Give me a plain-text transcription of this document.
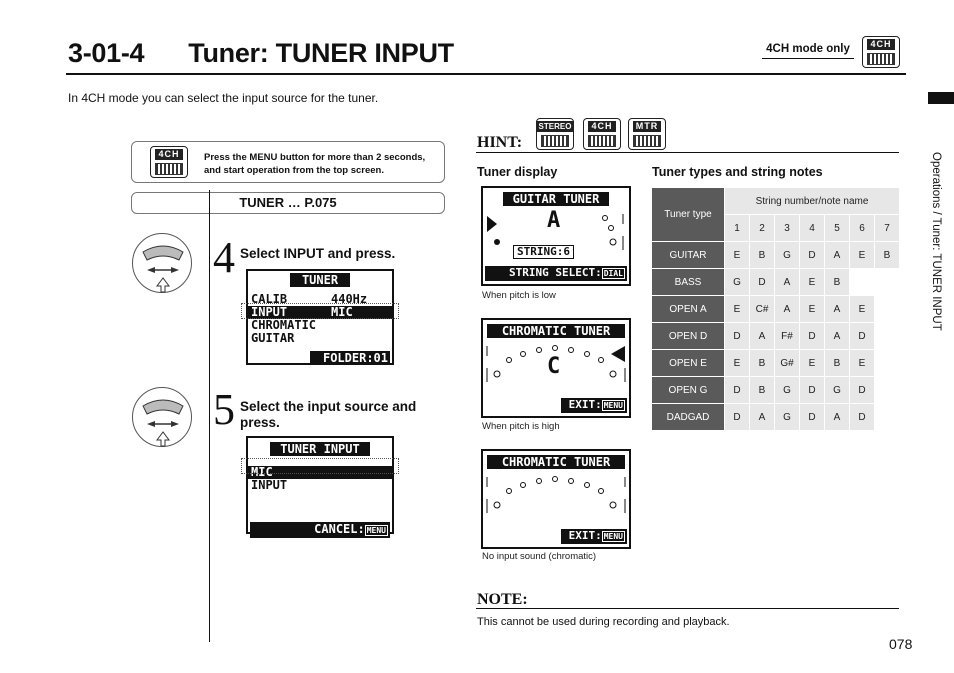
3-01-4 Tuner: TUNER INPUT	4CH mode only	4CH
In 4CH mode you can select the input source for the tuner.
Operations / Tuner: TUNER INPUT
4CH	Press the MENU button for more than 2 seconds, and start operation from the top screen.
TUNER … P.075
4 Select INPUT and press.
TUNER
CALIB	440Hz
INPUT	MIC
CHROMATIC
GUITAR
FOLDER:01
5 Select the input source and press.
TUNER INPUT
MIC
INPUT
CANCEL: MENU
HINT:
STEREO	4CH	MTR
Tuner display
GUITAR TUNER
A
STRING:6
STRING SELECT: DIAL
When pitch is low
CHROMATIC TUNER
C
EXIT: MENU
When pitch is high
CHROMATIC TUNER
EXIT: MENU
No input sound (chromatic)
Tuner types and string notes
Tuner type	String number/note name						
	1	2	3	4	5	6	7
GUITAR	E	B	G	D	A	E	B
BASS	G	D	A	E	B		
OPEN A	E	C#	A	E	A	E	
OPEN D	D	A	F#	D	A	D	
OPEN E	E	B	G#	E	B	E	
OPEN G	D	B	G	D	G	D	
DADGAD	D	A	G	D	A	D	
NOTE:
This cannot be used during recording and playback.
078
